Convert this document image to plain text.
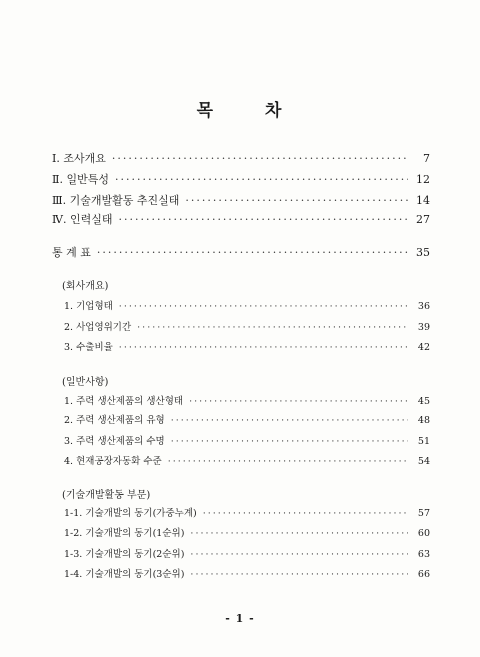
목	차
Ⅰ. 조사개요 ·····	7
Ⅱ. 일반특성 ·····	12
Ⅲ. 기술개발활동 추진실태 ·····	14
Ⅳ. 인력실태 ·····	27
통 계 표 ·····	35
(회사개요)
1. 기업형태 ·····	36
2. 사업영위기간 ·····	39
3. 수출비율 ·····	42
(일반사항)
1. 주력 생산제품의 생산형태 ·····	45
2. 주력 생산제품의 유형 ·····	48
3. 주력 생산제품의 수명 ·····	51
4. 현재공장자동화 수준 ·····	54
(기술개발활동 부문)
1-1. 기술개발의 동기(가중누계) ·····	57
1-2. 기술개발의 동기(1순위) ·····	60
1-3. 기술개발의 동기(2순위) ·····	63
1-4. 기술개발의 동기(3순위) ·····	66
- 1 -
